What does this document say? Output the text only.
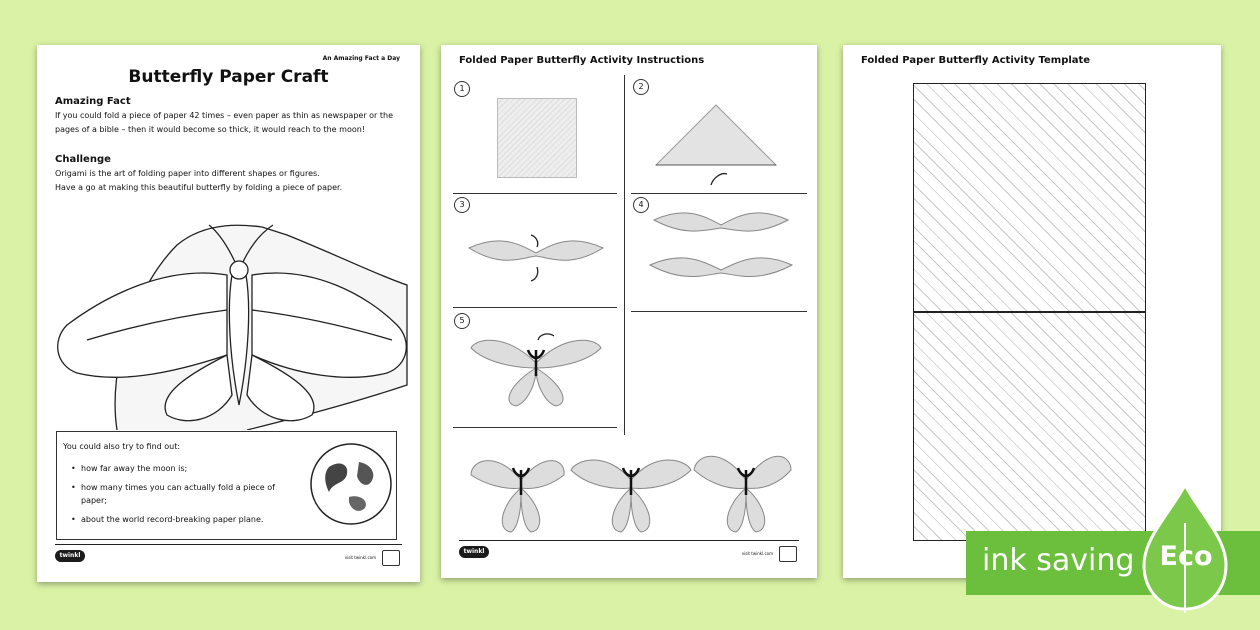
An Amazing Fact a Day
Butterfly Paper Craft
Amazing Fact
If you could fold a piece of paper 42 times – even paper as thin as newspaper or the pages of a bible – then it would become so thick, it would reach to the moon!
Challenge
Origami is the art of folding paper into different shapes or figures.
Have a go at making this beautiful butterfly by folding a piece of paper.
You could also try to find out:
• how far away the moon is;
• how many times you can actually fold a piece of paper;
• about the world record-breaking paper plane.
twinkl	visit twinkl.com
Folded Paper Butterfly Activity Instructions
1	2
3	4
5
twinkl	visit twinkl.com
Folded Paper Butterfly Activity Template
ink saving Eco
